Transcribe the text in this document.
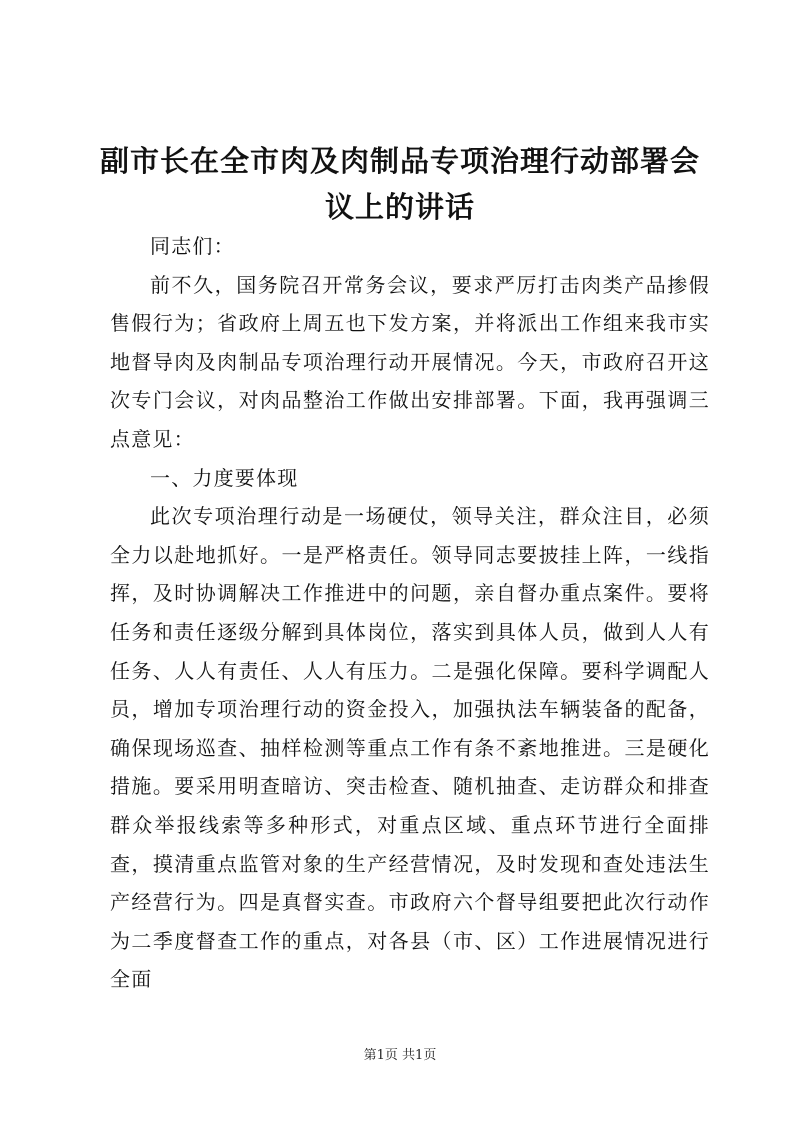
副市长在全市肉及肉制品专项治理行动部署会议上的讲话

同志们：

前不久，国务院召开常务会议，要求严厉打击肉类产品掺假售假行为；省政府上周五也下发方案，并将派出工作组来我市实地督导肉及肉制品专项治理行动开展情况。今天，市政府召开这次专门会议，对肉品整治工作做出安排部署。下面，我再强调三点意见：

一、力度要体现

此次专项治理行动是一场硬仗，领导关注，群众注目，必须全力以赴地抓好。一是严格责任。领导同志要披挂上阵，一线指挥，及时协调解决工作推进中的问题，亲自督办重点案件。要将任务和责任逐级分解到具体岗位，落实到具体人员，做到人人有任务、人人有责任、人人有压力。二是强化保障。要科学调配人员，增加专项治理行动的资金投入，加强执法车辆装备的配备，确保现场巡查、抽样检测等重点工作有条不紊地推进。三是硬化措施。要采用明查暗访、突击检查、随机抽查、走访群众和排查群众举报线索等多种形式，对重点区域、重点环节进行全面排查，摸清重点监管对象的生产经营情况，及时发现和查处违法生产经营行为。四是真督实查。市政府六个督导组要把此次行动作为二季度督查工作的重点，对各县（市、区）工作进展情况进行全面

第1页 共1页
